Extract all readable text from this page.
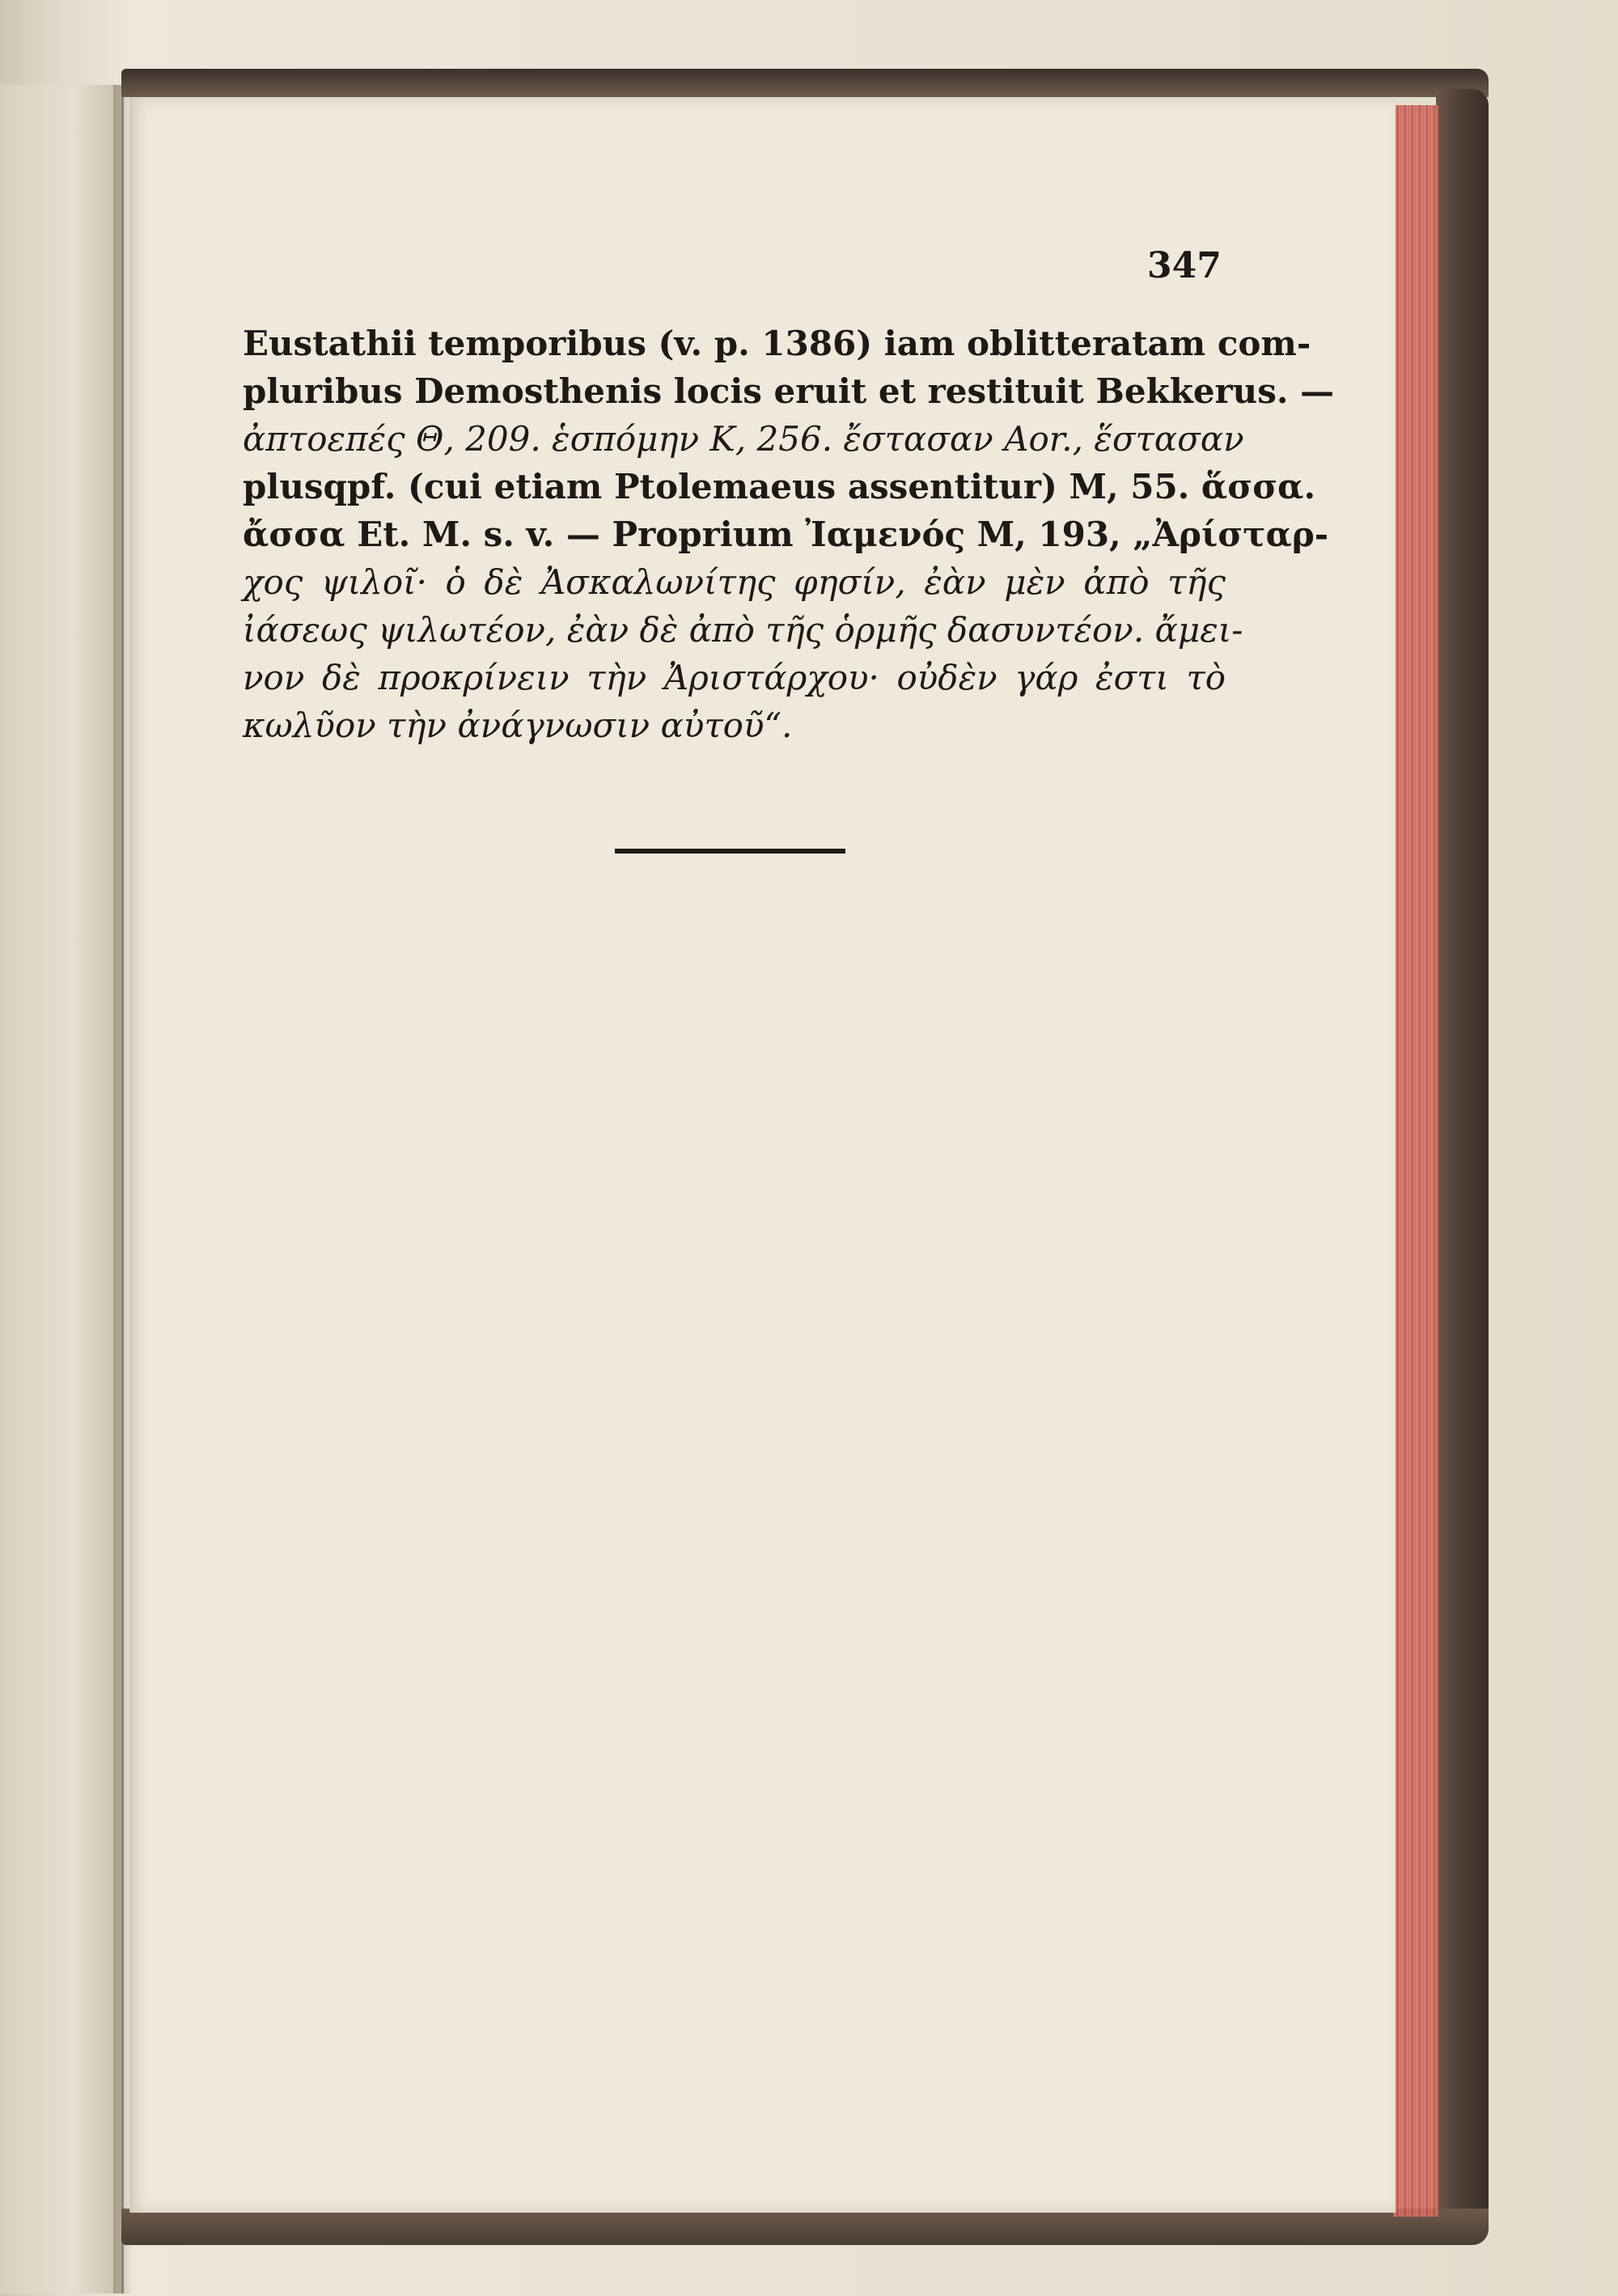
347
Eustathii temporibus (v. p. 1386) iam oblitteratam com-
pluribus Demosthenis locis eruit et restituit Bekkerus. —
ἀπτοεπές Θ, 209. ἑσπόμην Κ, 256. ἔστασαν Aor., ἕστασαν
plusqpf. (cui etiam Ptolemaeus assentitur) Μ, 55. ἅσσα.
ἄσσα Et. M. s. v. — Proprium Ἰαμενός Μ, 193, „Ἀρίσταρ-
χος ψιλοῖ· ὁ δὲ Ἀσκαλωνίτης φησίν, ἐὰν μὲν ἀπὸ τῆς
ἰάσεως ψιλωτέον, ἐὰν δὲ ἀπὸ τῆς ὁρμῆς δασυντέον. ἄμει-
νον δὲ προκρίνειν τὴν Ἀριστάρχου· οὐδὲν γάρ ἐστι τὸ
κωλῦον τὴν ἀνάγνωσιν αὐτοῦ“.
